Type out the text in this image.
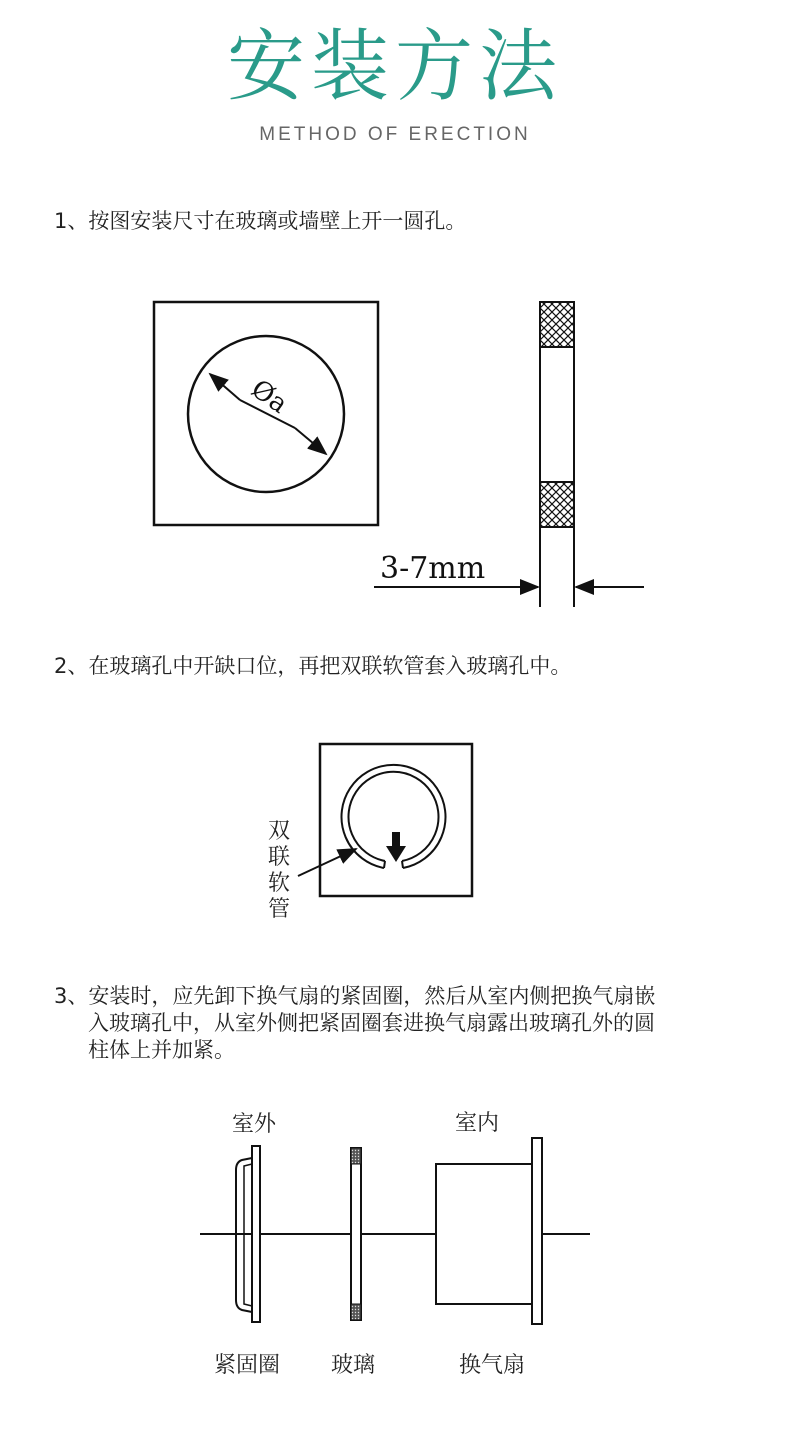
安装方法
METHOD OF ERECTION
1、按图安装尺寸在玻璃或墙壁上开一圆孔。
Øa
3-7mm
2、在玻璃孔中开缺口位，再把双联软管套入玻璃孔中。
双
联
软
管
3、安装时，应先卸下换气扇的紧固圈，然后从室内侧把换气扇嵌
入玻璃孔中，从室外侧把紧固圈套进换气扇露出玻璃孔外的圆
柱体上并加紧。
室外	室内
紧固圈 玻璃	换气扇
